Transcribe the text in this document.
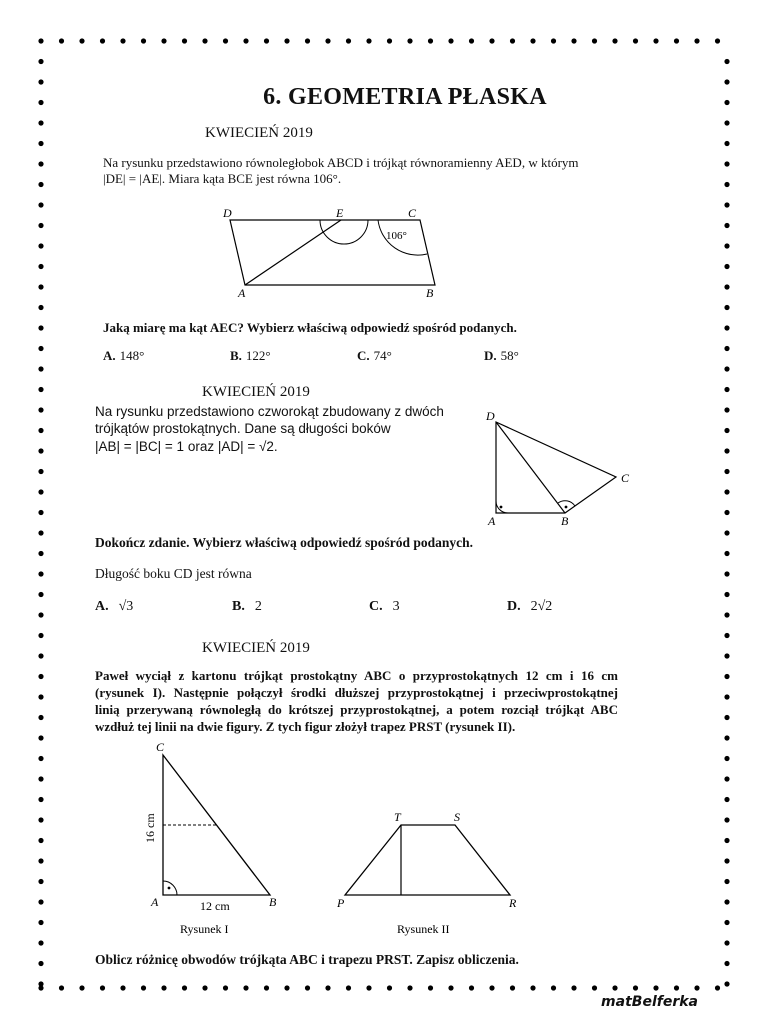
6. GEOMETRIA PŁASKA
KWIECIEŃ 2019
Na rysunku przedstawiono równoległobok ABCD i trójkąt równoramienny AED, w którym
|DE| = |AE|. Miara kąta BCE jest równa 106°.
D	E	C
A	B
106°
Jaką miarę ma kąt AEC? Wybierz właściwą odpowiedź spośród podanych.
A. 148°	B. 122°	C. 74°	D. 58°
KWIECIEŃ 2019
Na rysunku przedstawiono czworokąt zbudowany z dwóch
trójkątów prostokątnych. Dane są długości boków
|AB| = |BC| = 1 oraz |AD| = √2.
D
C
A	B
Dokończ zdanie. Wybierz właściwą odpowiedź spośród podanych.
Długość boku CD jest równa
A. √3	B. 2	C. 3	D. 2√2
KWIECIEŃ 2019
Paweł wyciął z kartonu trójkąt prostokątny ABC o przyprostokątnych 12 cm i 16 cm
(rysunek I). Następnie połączył środki dłuższej przyprostokątnej i przeciwprostokątnej
linią przerywaną równoległą do krótszej przyprostokątnej, a potem rozciął trójkąt ABC
wzdłuż tej linii na dwie figury. Z tych figur złożył trapez PRST (rysunek II).
C
A	B
16 cm
12 cm
Rysunek I
T	S
P	R
Rysunek II
Oblicz różnicę obwodów trójkąta ABC i trapezu PRST. Zapisz obliczenia.
matBelferka
